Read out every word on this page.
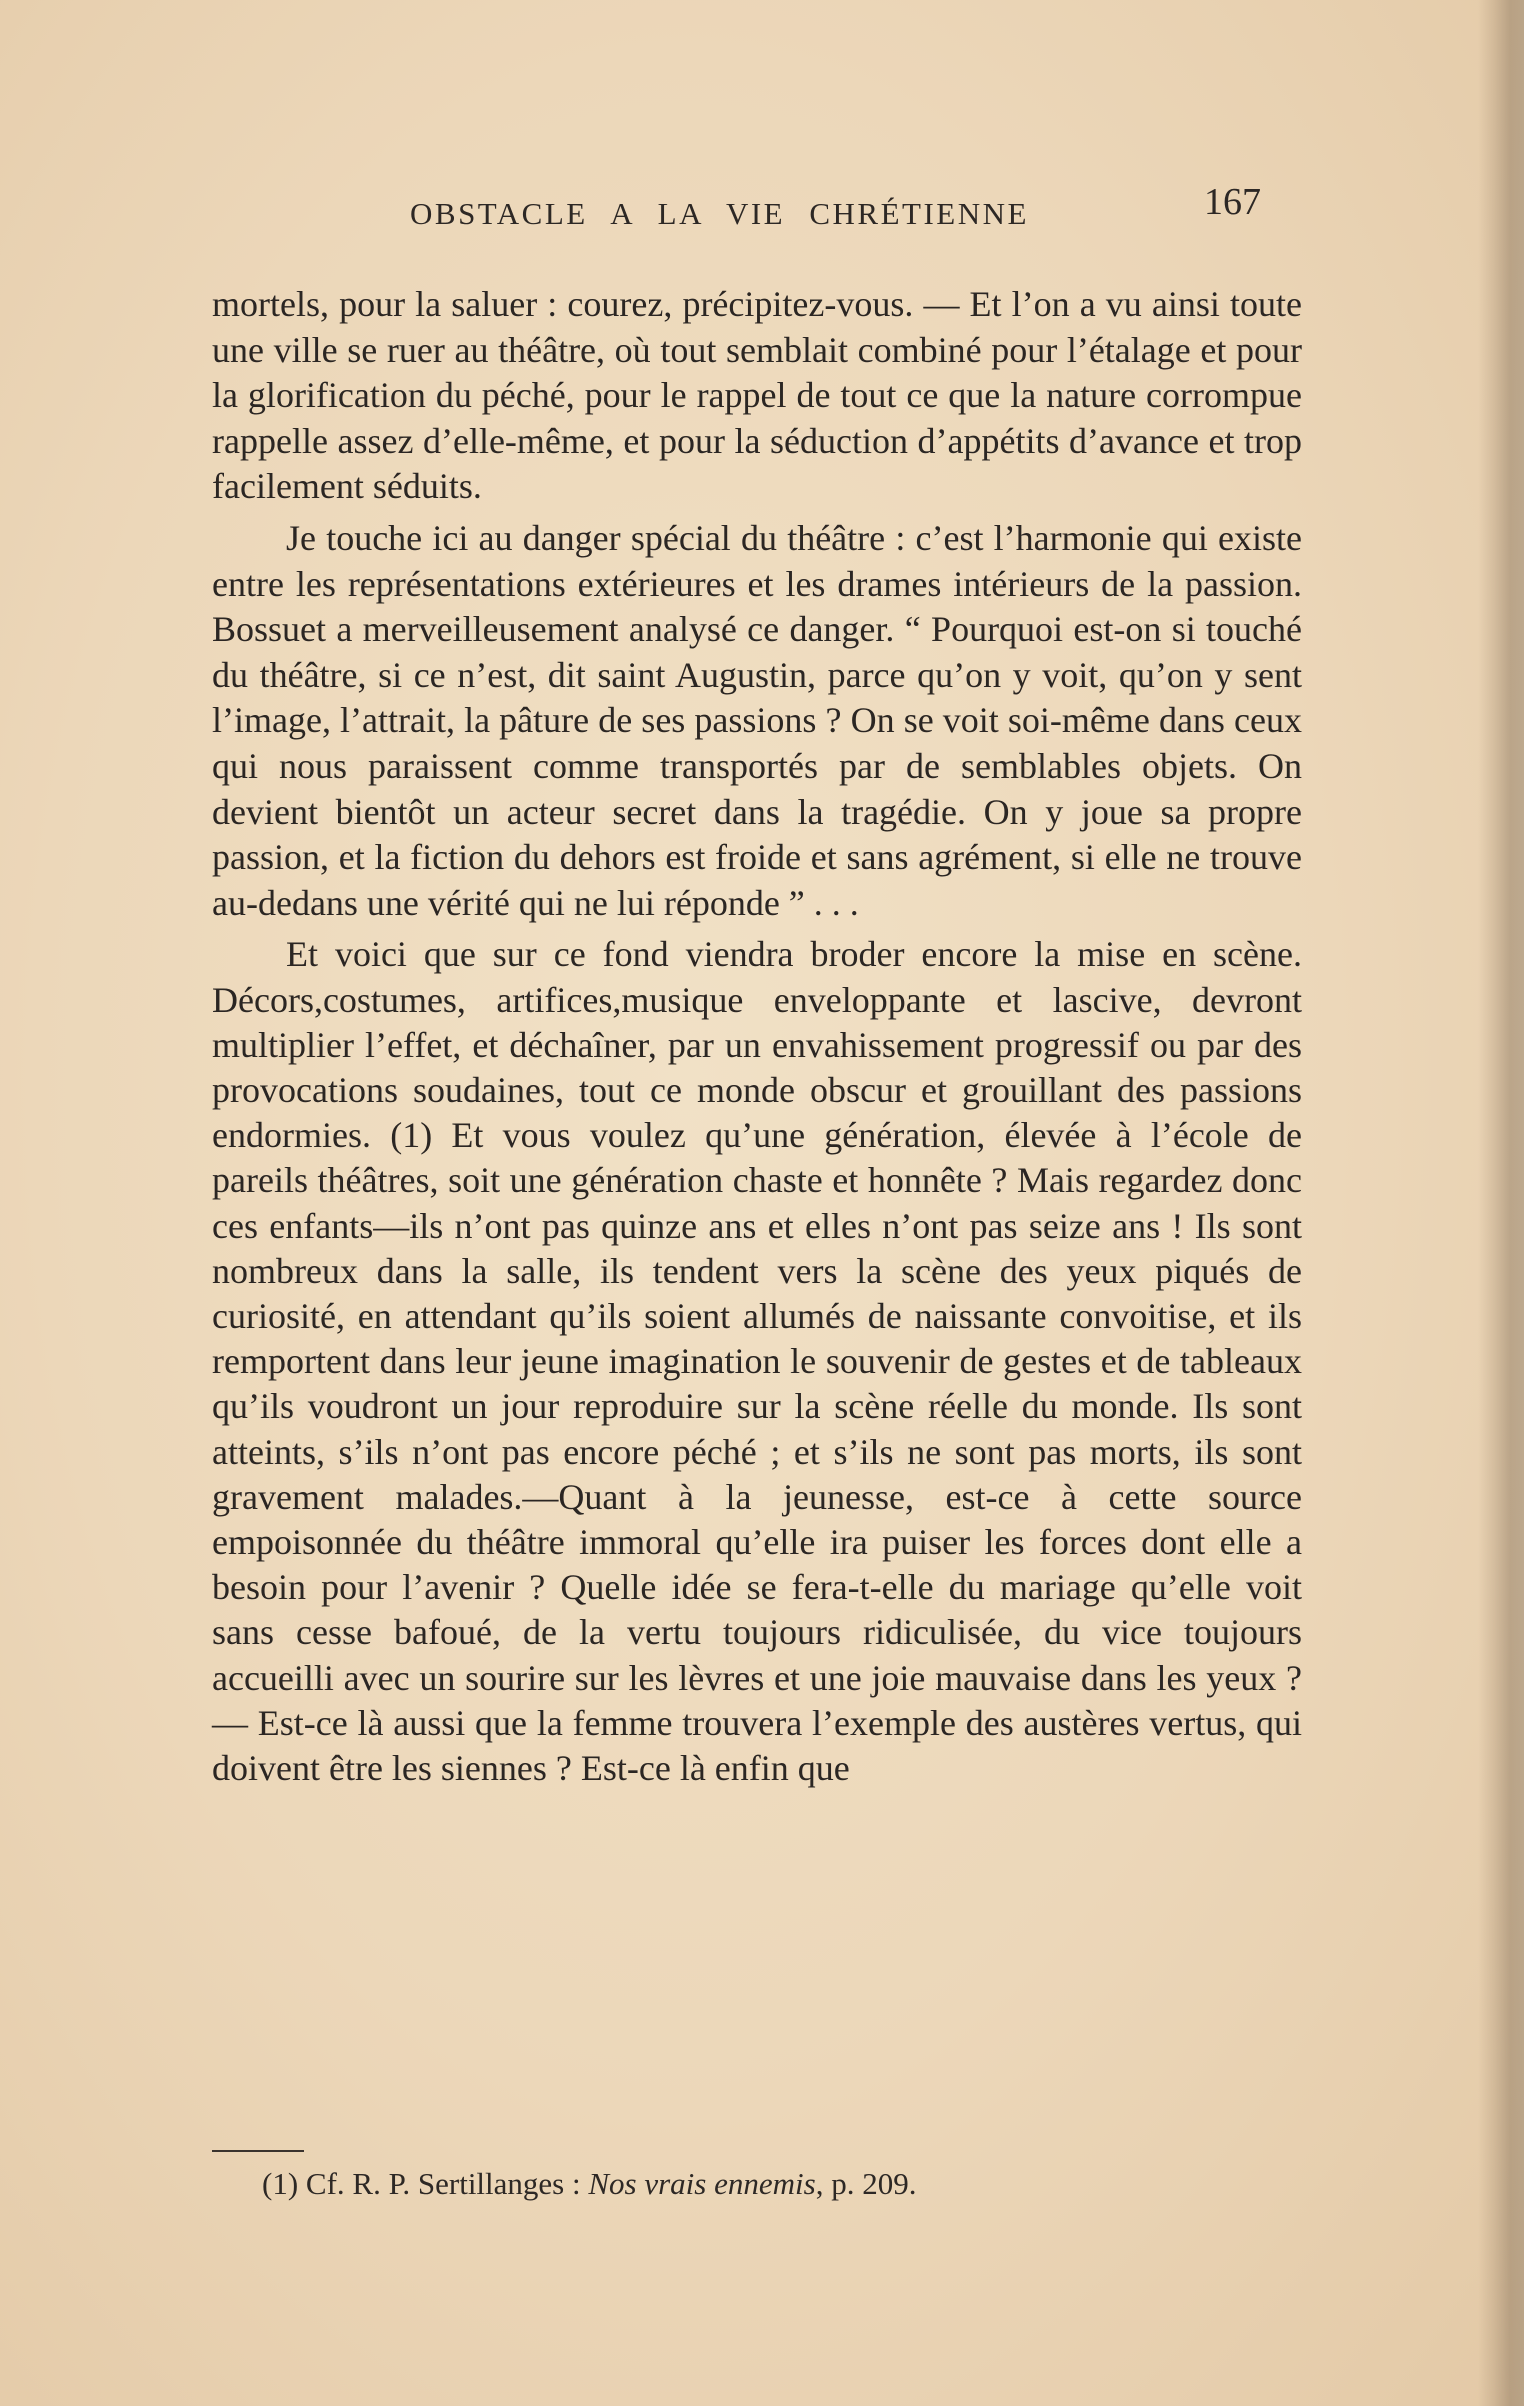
OBSTACLE A LA VIE CHRÉTIENNE	167

mortels, pour la saluer : courez, précipitez-vous. — Et l’on a vu ainsi toute une ville se ruer au théâtre, où tout semblait combiné pour l’étalage et pour la glorification du péché, pour le rappel de tout ce que la nature corrompue rappelle assez d’elle-même, et pour la séduction d’appétits d’avance et trop facilement séduits.

Je touche ici au danger spécial du théâtre : c’est l’harmonie qui existe entre les représentations extérieures et les drames intérieurs de la passion. Bossuet a merveilleusement analysé ce danger. “ Pourquoi est-on si touché du théâtre, si ce n’est, dit saint Augustin, parce qu’on y voit, qu’on y sent l’image, l’attrait, la pâture de ses passions ? On se voit soi-même dans ceux qui nous paraissent comme transportés par de semblables objets. On devient bientôt un acteur secret dans la tragédie. On y joue sa propre passion, et la fiction du dehors est froide et sans agrément, si elle ne trouve au-dedans une vérité qui ne lui réponde ” . . .

Et voici que sur ce fond viendra broder encore la mise en scène. Décors,costumes, artifices,musique enveloppante et lascive, devront multiplier l’effet, et déchaîner, par un envahissement progressif ou par des provocations soudaines, tout ce monde obscur et grouillant des passions endormies. (1) Et vous voulez qu’une génération, élevée à l’école de pareils théâtres, soit une génération chaste et honnête ? Mais regardez donc ces enfants—ils n’ont pas quinze ans et elles n’ont pas seize ans ! Ils sont nombreux dans la salle, ils tendent vers la scène des yeux piqués de curiosité, en attendant qu’ils soient allumés de naissante convoitise, et ils remportent dans leur jeune imagination le souvenir de gestes et de tableaux qu’ils voudront un jour reproduire sur la scène réelle du monde. Ils sont atteints, s’ils n’ont pas encore péché ; et s’ils ne sont pas morts, ils sont gravement malades.—Quant à la jeunesse, est-ce à cette source empoisonnée du théâtre immoral qu’elle ira puiser les forces dont elle a besoin pour l’avenir ? Quelle idée se fera-t-elle du mariage qu’elle voit sans cesse bafoué, de la vertu toujours ridiculisée, du vice toujours accueilli avec un sourire sur les lèvres et une joie mauvaise dans les yeux ?— Est-ce là aussi que la femme trouvera l’exemple des austères vertus, qui doivent être les siennes ? Est-ce là enfin que

(1) Cf. R. P. Sertillanges : Nos vrais ennemis, p. 209.
